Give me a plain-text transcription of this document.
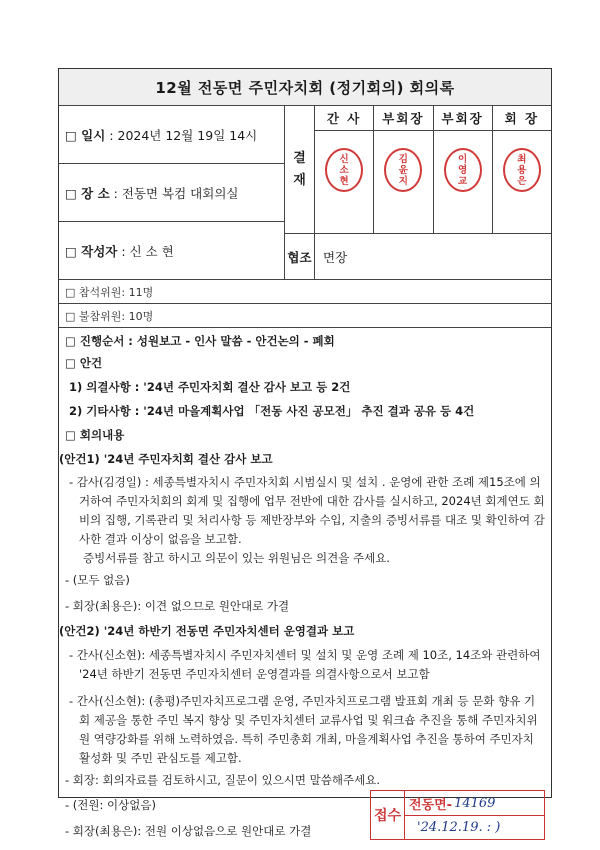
12월 전동면 주민자치회 (정기회의) 회의록
□ 일시 : 2024년 12월 19일 14시
□ 장 소 : 전동면 복컴 대회의실
□ 작성자 : 신 소 현
결
재
간 사
신
소
현
부회장
김
윤
지
부회장
이
영
교
회 장
최
용
은
협조 면장
□ 참석위원: 11명
□ 불참위원: 10명
□ 진행순서 : 성원보고 - 인사 말씀 - 안건논의 - 폐회
□ 안건
1) 의결사항 : '24년 주민자치회 결산 감사 보고 등 2건
2) 기타사항 : '24년 마을계획사업 「전동 사진 공모전」 추진 결과 공유 등 4건
□ 회의내용
(안건1) '24년 주민자치회 결산 감사 보고

- 감사(김경일) : 세종특별자치시 주민자치회 시범실시 및 설치 . 운영에 관한 조례 제15조에 의거하여 주민자치회의 회계 및 집행에 업무 전반에 대한 감사를 실시하고, 2024년 회계연도 회비의 집행, 기록관리 및 처리사항 등 제반장부와 수입, 지출의 증빙서류를 대조 및 확인하여 감사한 결과 이상이 없음을 보고함.

증빙서류를 참고 하시고 의문이 있는 위원님은 의견을 주세요.

- (모두 없음)
- 회장(최용은): 이견 없으므로 원안대로 가결
(안건2) '24년 하반기 전동면 주민자치센터 운영결과 보고
- 간사(신소현): 세종특별자치시 주민자치센터 및 설치 및 운영 조례 제 10조, 14조와 관련하여 '24년 하반기 전동면 주민자치센터 운영결과를 의결사항으로서 보고함
- 간사(신소현): (총평)주민자치프로그램 운영, 주민자치프로그램 발표회 개최 등 문화 향유 기회 제공을 통한 주민 복지 향상 및 주민자치센터 교류사업 및 워크숍 추진을 통해 주민자치위원 역량강화를 위해 노력하였음. 특히 주민총회 개최, 마을계획사업 추진을 통하여 주민자치 활성화 및 주민 관심도를 제고함.
- 회장: 회의자료를 검토하시고, 질문이 있으시면 말씀해주세요.
- (전원: 이상없음)
- 회장(최용은): 전원 이상없음으로 원안대로 가결
접수
전동면- 14169
'24.12.19. : )
